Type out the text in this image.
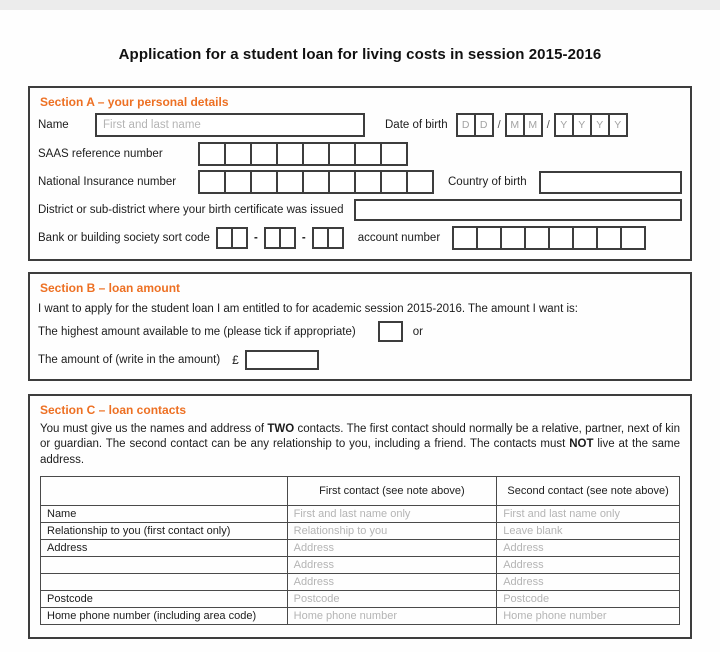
Application for a student loan for living costs in session 2015-2016
Section A – your personal details
Name	First and last name	Date of birth	D D / M M / Y	Y	Y	Y
SAAS reference number
National Insurance number	Country of birth
District or sub-district where your birth certificate was issued
Bank or building society sort code	-	-	account number
Section B – loan amount
I want to apply for the student loan I am entitled to for academic session 2015-2016. The amount I want is:
The highest amount available to me (please tick if appropriate)	or
The amount of (write in the amount) £
Section C – loan contacts
You must give us the names and address of TWO contacts. The first contact should normally be a relative, partner, next of kin or guardian. The second contact can be any relationship to you, including a friend. The contacts must NOT live at the same address.
	First contact (see note above)	Second contact (see note above)
Name	First and last name only	First and last name only
Relationship to you (first contact only)	Relationship to you	Leave blank
Address	Address	Address
	Address	Address
	Address	Address
Postcode	Postcode	Postcode
Home phone number (including area code)	Home phone number	Home phone number
